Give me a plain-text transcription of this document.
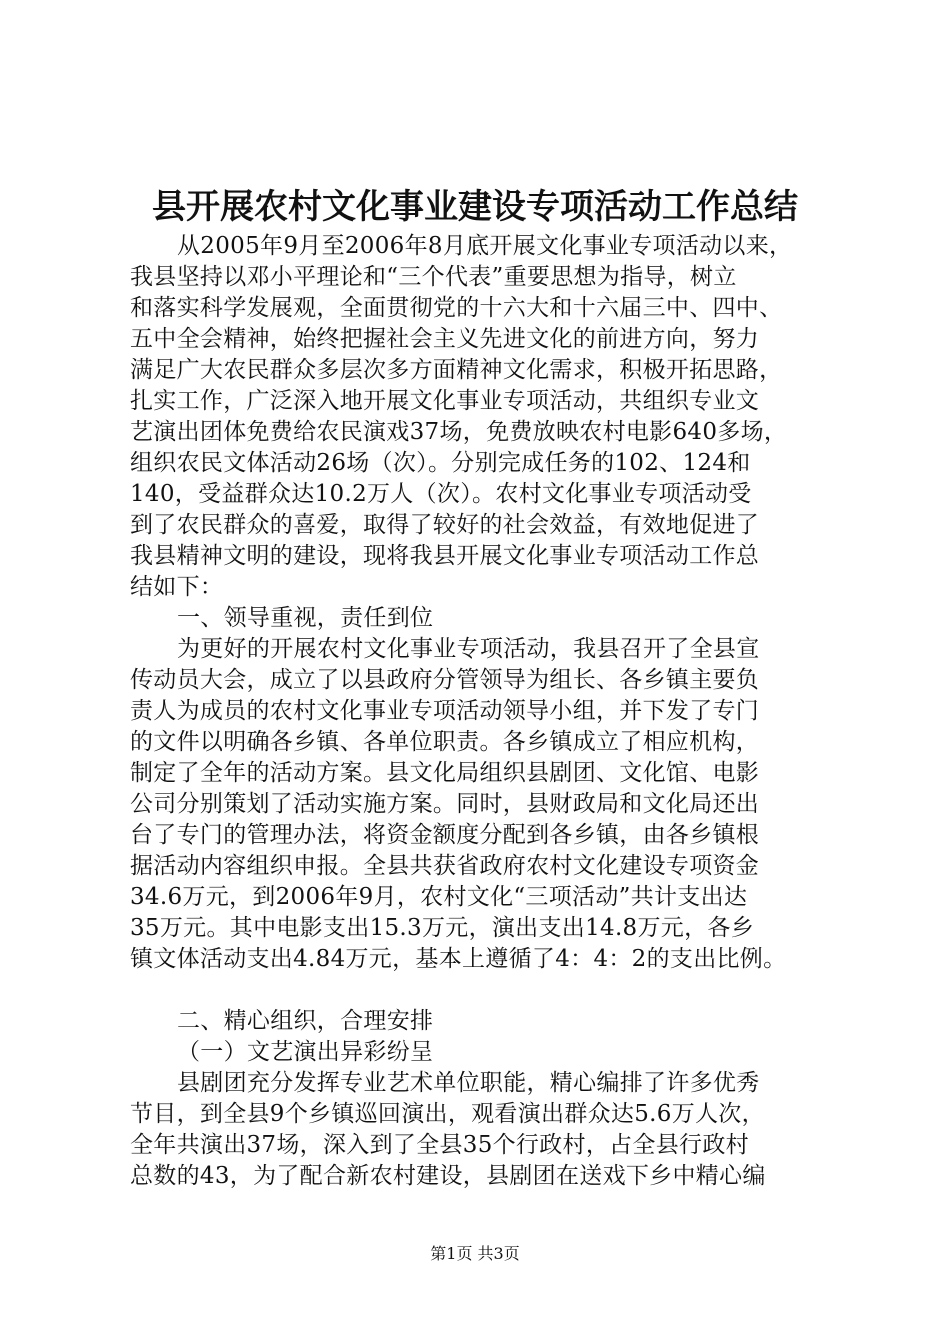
县开展农村文化事业建设专项活动工作总结
从2005年9月至2006年8月底开展文化事业专项活动以来，
我县坚持以邓小平理论和“三个代表”重要思想为指导，树立
和落实科学发展观，全面贯彻党的十六大和十六届三中、四中、
五中全会精神，始终把握社会主义先进文化的前进方向，努力
满足广大农民群众多层次多方面精神文化需求，积极开拓思路，
扎实工作，广泛深入地开展文化事业专项活动，共组织专业文
艺演出团体免费给农民演戏37场，免费放映农村电影640多场，
组织农民文体活动26场（次）。分别完成任务的102、124和
140，受益群众达10.2万人（次）。农村文化事业专项活动受
到了农民群众的喜爱，取得了较好的社会效益，有效地促进了
我县精神文明的建设，现将我县开展文化事业专项活动工作总
结如下：
一、领导重视，责任到位
为更好的开展农村文化事业专项活动，我县召开了全县宣
传动员大会，成立了以县政府分管领导为组长、各乡镇主要负
责人为成员的农村文化事业专项活动领导小组，并下发了专门
的文件以明确各乡镇、各单位职责。各乡镇成立了相应机构，
制定了全年的活动方案。县文化局组织县剧团、文化馆、电影
公司分别策划了活动实施方案。同时，县财政局和文化局还出
台了专门的管理办法，将资金额度分配到各乡镇，由各乡镇根
据活动内容组织申报。全县共获省政府农村文化建设专项资金
34.6万元，到2006年9月，农村文化“三项活动”共计支出达
35万元。其中电影支出15.3万元，演出支出14.8万元，各乡
镇文体活动支出4.84万元，基本上遵循了4：4：2的支出比例。
二、精心组织，合理安排
（一）文艺演出异彩纷呈
县剧团充分发挥专业艺术单位职能，精心编排了许多优秀
节目，到全县9个乡镇巡回演出，观看演出群众达5.6万人次，
全年共演出37场，深入到了全县35个行政村，占全县行政村
总数的43，为了配合新农村建设，县剧团在送戏下乡中精心编
第1页 共3页
